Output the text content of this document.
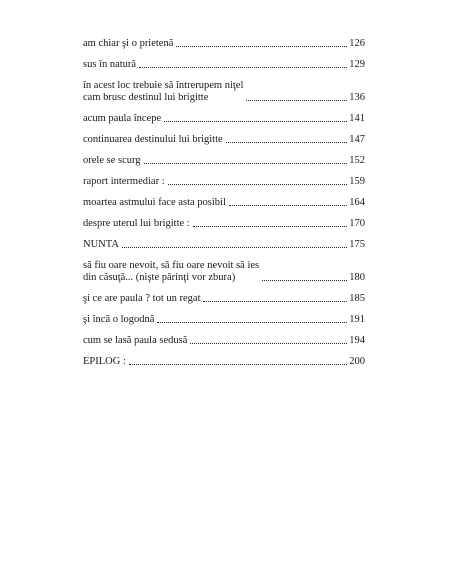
am chiar şi o prietenă	126
sus în natură	129
în acest loc trebuie să întrerupem niţel
cam brusc destinul lui brigitte	136
acum paula începe	141
continuarea destinului lui brigitte	147
orele se scurg	152
raport intermediar :	159
moartea astmului face asta posibil	164
despre uterul lui brigitte :	170
NUNTA	175
să fiu oare nevoit, să fiu oare nevoit să ies
din căsuţă... (nişte părinţi vor zbura)	180
şi ce are paula ? tot un regat	185
şi încă o logodnă	191
cum se lasă paula sedusă	194
EPILOG :	200
